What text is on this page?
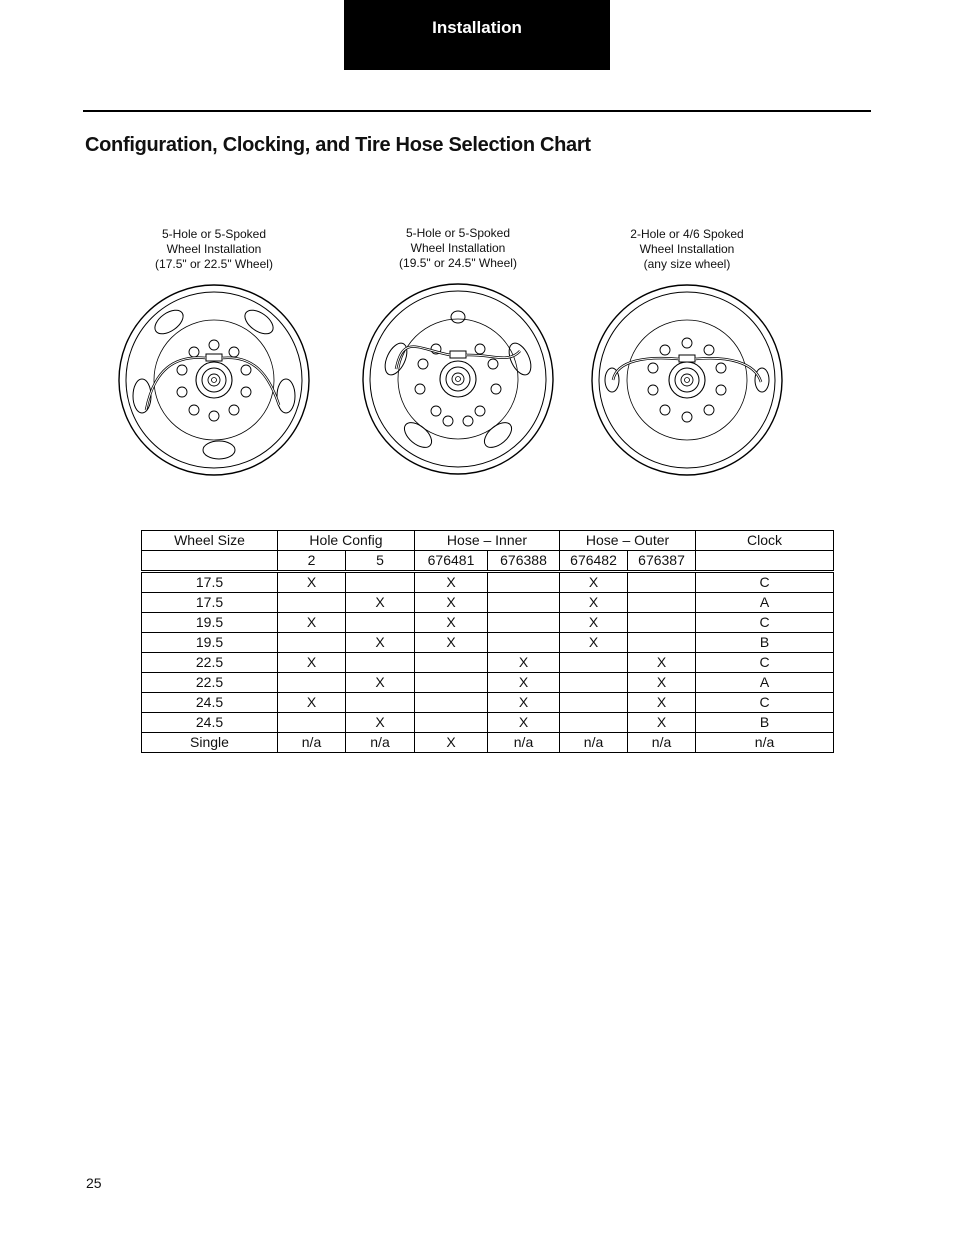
Installation
Configuration, Clocking, and Tire Hose Selection Chart
5-Hole or 5-Spoked
Wheel Installation
(17.5" or 22.5" Wheel)
5-Hole or 5-Spoked
Wheel Installation
(19.5" or 24.5" Wheel)
2-Hole or 4/6 Spoked
Wheel Installation
(any size wheel)
Wheel Size	Hole Config		Hose – Inner		Hose – Outer		Clock
	2	5	676481	676388	676482	676387	
17.5	X		X		X		C
17.5		X	X		X		A
19.5	X		X		X		C
19.5		X	X		X		B
22.5	X			X		X	C
22.5		X		X		X	A
24.5	X			X		X	C
24.5		X		X		X	B
Single	n/a	n/a	X	n/a	n/a	n/a	n/a
25
